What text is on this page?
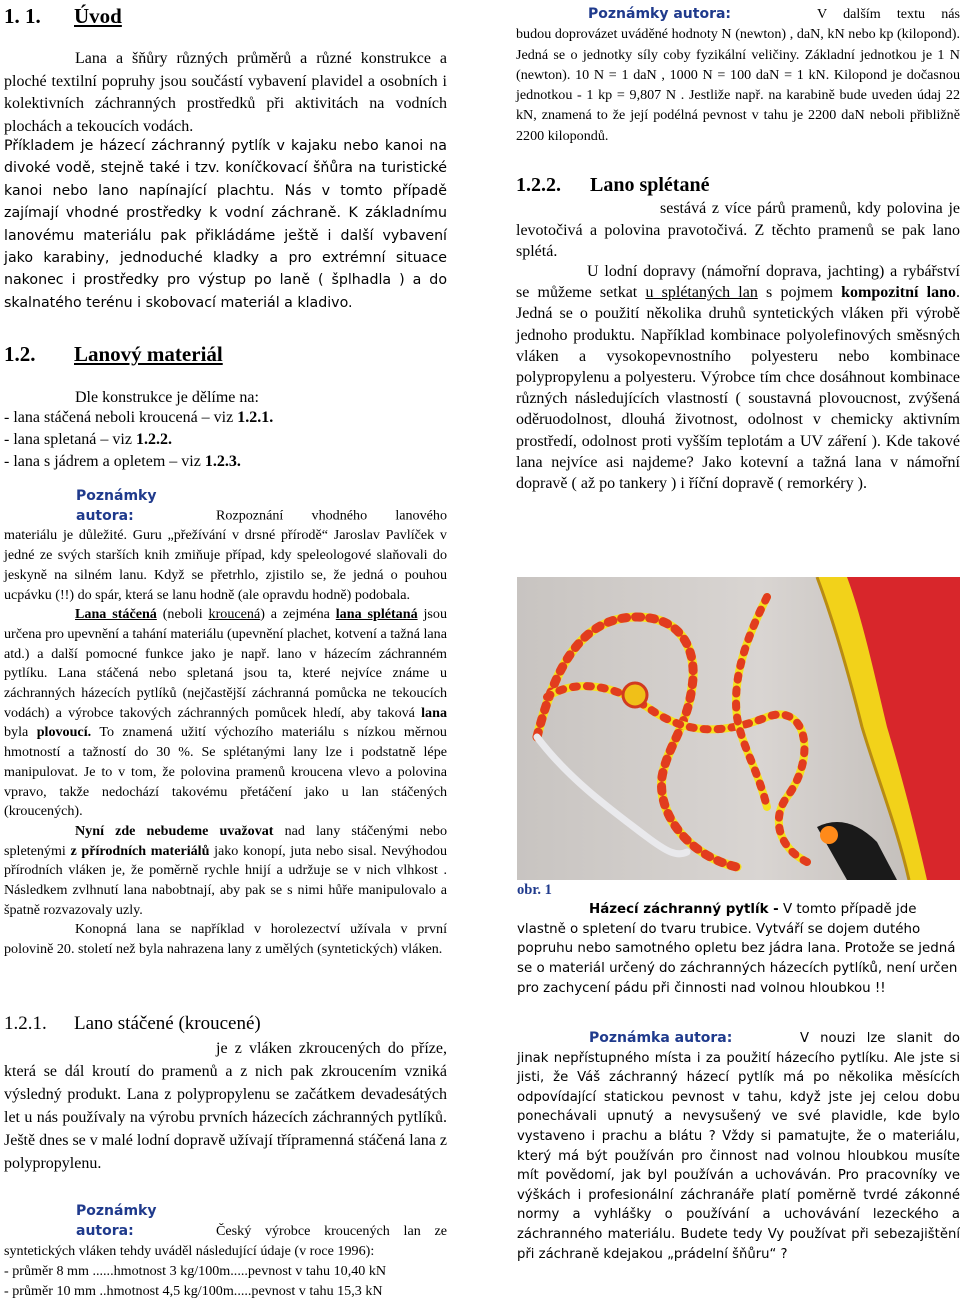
1. 1. Úvod

Lana a šňůry různých průměrů a různé konstrukce a ploché textilní popruhy jsou součástí vybavení plavidel a osobních i kolektivních záchranných prostředků při aktivitách na vodních plochách a tekoucích vodách.

Příkladem je házecí záchranný pytlík v kajaku nebo kanoi na divoké vodě, stejně také i tzv. koníčkovací šňůra na turistické kanoi nebo lano napínající plachtu. Nás v tomto případě zajímají vhodné prostředky k vodní záchraně. K základnímu lanovému materiálu pak přikládáme ještě i další vybavení jako karabiny, jednoduché kladky a pro extrémní situace nakonec i prostředky pro výstup po laně ( šplhadla ) a do skalnatého terénu i skobovací materiál a kladivo.

1.2. Lanový materiál

Dle konstrukce je dělíme na:

- lana stáčená neboli kroucená – viz 1.2.1.
- lana spletaná – viz 1.2.2.
- lana s jádrem a opletem – viz 1.2.3.

Poznámky autora:	Rozpoznání vhodného lanového materiálu je důležité. Guru „přežívání v drsné přírodě“ Jaroslav Pavlíček v jedné ze svých starších knih zmiňuje případ, kdy speleologové slaňovali do jeskyně na silném lanu. Když se přetrhlo, zjistilo se, že jedná o pouhou ucpávku (!!) do spár, která se lanu hodně (ale opravdu hodně) podobala.

Lana stáčená (neboli kroucená) a zejména lana splétaná jsou určena pro upevnění a tahání materiálu (upevnění plachet, kotvení a tažná lana atd.) a další pomocné funkce jako je např. lano v házecím záchranném pytlíku. Lana stáčená nebo spletaná jsou ta, které nejvíce známe u záchranných házecích pytlíků (nejčastější záchranná pomůcka ne tekoucích vodách) a výrobce takových záchranných pomůcek hledí, aby taková lana byla plovoucí. To znamená užití výchozího materiálu s nízkou měrnou hmotností a tažností do 30 %. Se splétanými lany lze i podstatně lépe manipulovat. Je to v tom, že polovina pramenů kroucena vlevo a polovina vpravo, takže nedochází takovému přetáčení jako u lan stáčených (kroucených).

Nyní zde nebudeme uvažovat nad lany stáčenými nebo spletenými z přírodních materiálů jako konopí, juta nebo sisal. Nevýhodou přírodních vláken je, že poměrně rychle hnijí a udržuje se v nich vlhkost . Následkem zvlhnutí lana nabobtnají, aby pak se s nimi hůře manipulovalo a špatně rozvazovaly uzly.

Konopná lana se například v horolezectví užívala v první polovině 20. století než byla nahrazena lany z umělých (syntetických) vláken.

1.2.1. Lano stáčené (kroucené)

je z vláken zkroucených do příze, která se dál kroutí do pramenů a z nich pak zkroucením vzniká výsledný produkt. Lana z polypropylenu se začátkem devadesátých let u nás používaly na výrobu prvních házecích záchranných pytlíků. Ještě dnes se v malé lodní dopravě užívají třípramenná stáčená lana z polypropylenu.

Poznámky autora:	Český výrobce kroucených lan ze syntetických vláken tehdy uváděl následující údaje (v roce 1996):

- průměr 8 mm ......hmotnost 3 kg/100m.....pevnost v tahu 10,40 kN
- průměr 10 mm ..hmotnost 4,5 kg/100m.....pevnost v tahu 15,3 kN

Poznámky autora:	V dalším textu nás

budou doprovázet uváděné hodnoty N (newton) , daN, kN nebo kp (kilopond). Jedná se o jednotky síly coby fyzikální veličiny. Základní jednotkou je 1 N (newton). 10 N = 1 daN , 1000 N = 100 daN = 1 kN. Kilopond je dočasnou jednotkou - 1 kp = 9,807 N . Jestliže např. na karabině bude uveden údaj 22 kN, znamená to že její podélná pevnost v tahu je 2200 daN neboli přibližně 2200 kilopondů.

1.2.2. Lano splétané

sestává z více párů pramenů, kdy polovina je levotočivá a polovina pravotočivá. Z těchto pramenů se pak lano splétá.

U lodní dopravy (námořní doprava, jachting) a rybářství se můžeme setkat u splétaných lan s pojmem kompozitní lano. Jedná se o použití několika druhů syntetických vláken při výrobě jednoho produktu. Například kombinace polyolefinových směsných vláken a vysokopevnostního polyesteru nebo kombinace polypropylenu a polyesteru. Výrobce tím chce dosáhnout kombinace různých následujících vlastností ( soustavná plovoucnost, zvýšená oděruodolnost, dlouhá životnost, odolnost v chemicky aktivním prostředí, odolnost proti vyšším teplotám a UV záření ). Kde takové lana nejvíce asi najdeme? Jako kotevní a tažná lana v námořní dopravě ( až po tankery ) i říční dopravě ( remorkéry ).

obr. 1

Házecí záchranný pytlík - V tomto případě jde vlastně o spletení do tvaru trubice. Vytváří se dojem dutého popruhu nebo samotného opletu bez jádra lana. Protože se jedná se o materiál určený do záchranných házecích pytlíků, není určen pro zachycení pádu při činnosti nad volnou hloubkou !!

Poznámka autora:	V nouzi lze slanit do

jinak nepřístupného místa i za použití házecího pytlíku. Ale jste si jisti, že Váš záchranný házecí pytlík má po několika měsících odpovídající statickou pevnost v tahu, když jste jej celou dobu ponechávali upnutý a nevysušený ve své plavidle, kde bylo vystaveno i prachu a blátu ? Vždy si pamatujte, že o materiálu, který má být používán pro činnost nad volnou hloubkou musíte mít povědomí, jak byl používán a uchováván. Pro pracovníky ve výškách i profesionální záchranáře platí poměrně tvrdé zákonné normy a vyhlášky o používání a uchovávání lezeckého a záchranného materiálu. Budete tedy Vy používat při sebezajištění při záchraně kdejakou „prádelní šňůru“ ?
